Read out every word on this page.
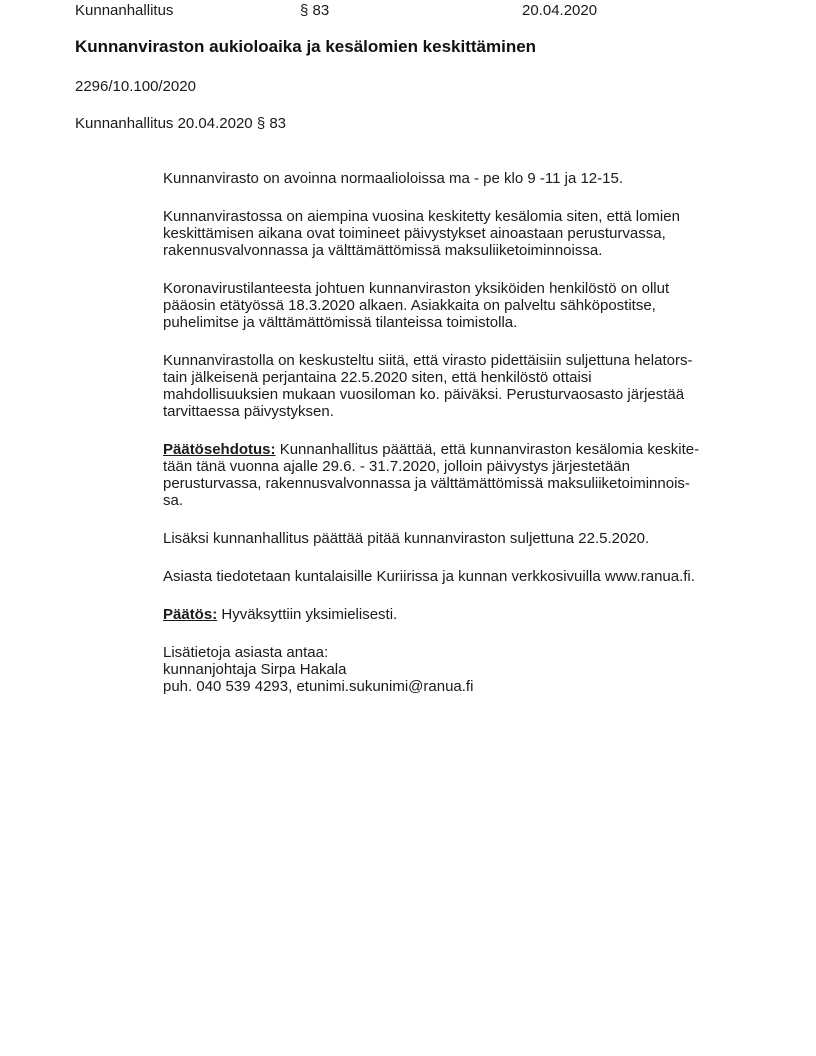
Kunnanhallitus	§ 83	20.04.2020
Kunnanviraston aukioloaika ja kesälomien keskittäminen
2296/10.100/2020
Kunnanhallitus 20.04.2020 § 83

Kunnanvirasto on avoinna normaalioloissa ma - pe klo 9 -11 ja 12-15.

Kunnanvirastossa on aiempina vuosina keskitetty kesälomia siten, että lomien
keskittämisen aikana ovat toimineet päivystykset ainoastaan perusturvassa,
rakennusvalvonnassa ja välttämättömissä maksuliiketoiminnoissa.

Koronavirustilanteesta johtuen kunnanviraston yksiköiden henkilöstö on ollut
pääosin etätyössä 18.3.2020 alkaen. Asiakkaita on palveltu sähköpostitse,
puhelimitse ja välttämättömissä tilanteissa toimistolla.

Kunnanvirastolla on keskusteltu siitä, että virasto pidettäisiin suljettuna helators-
tain jälkeisenä perjantaina 22.5.2020 siten, että henkilöstö ottaisi
mahdollisuuksien mukaan vuosiloman ko. päiväksi. Perusturvaosasto järjestää
tarvittaessa päivystyksen.

Päätösehdotus: Kunnanhallitus päättää, että kunnanviraston kesälomia keskite-
tään tänä vuonna ajalle 29.6. - 31.7.2020, jolloin päivystys järjestetään
perusturvassa, rakennusvalvonnassa ja välttämättömissä maksuliiketoiminnois-
sa.

Lisäksi kunnanhallitus päättää pitää kunnanviraston suljettuna 22.5.2020.

Asiasta tiedotetaan kuntalaisille Kuriirissa ja kunnan verkkosivuilla www.ranua.fi.

Päätös: Hyväksyttiin yksimielisesti.

Lisätietoja asiasta antaa:
kunnanjohtaja Sirpa Hakala
puh. 040 539 4293, etunimi.sukunimi@ranua.fi
